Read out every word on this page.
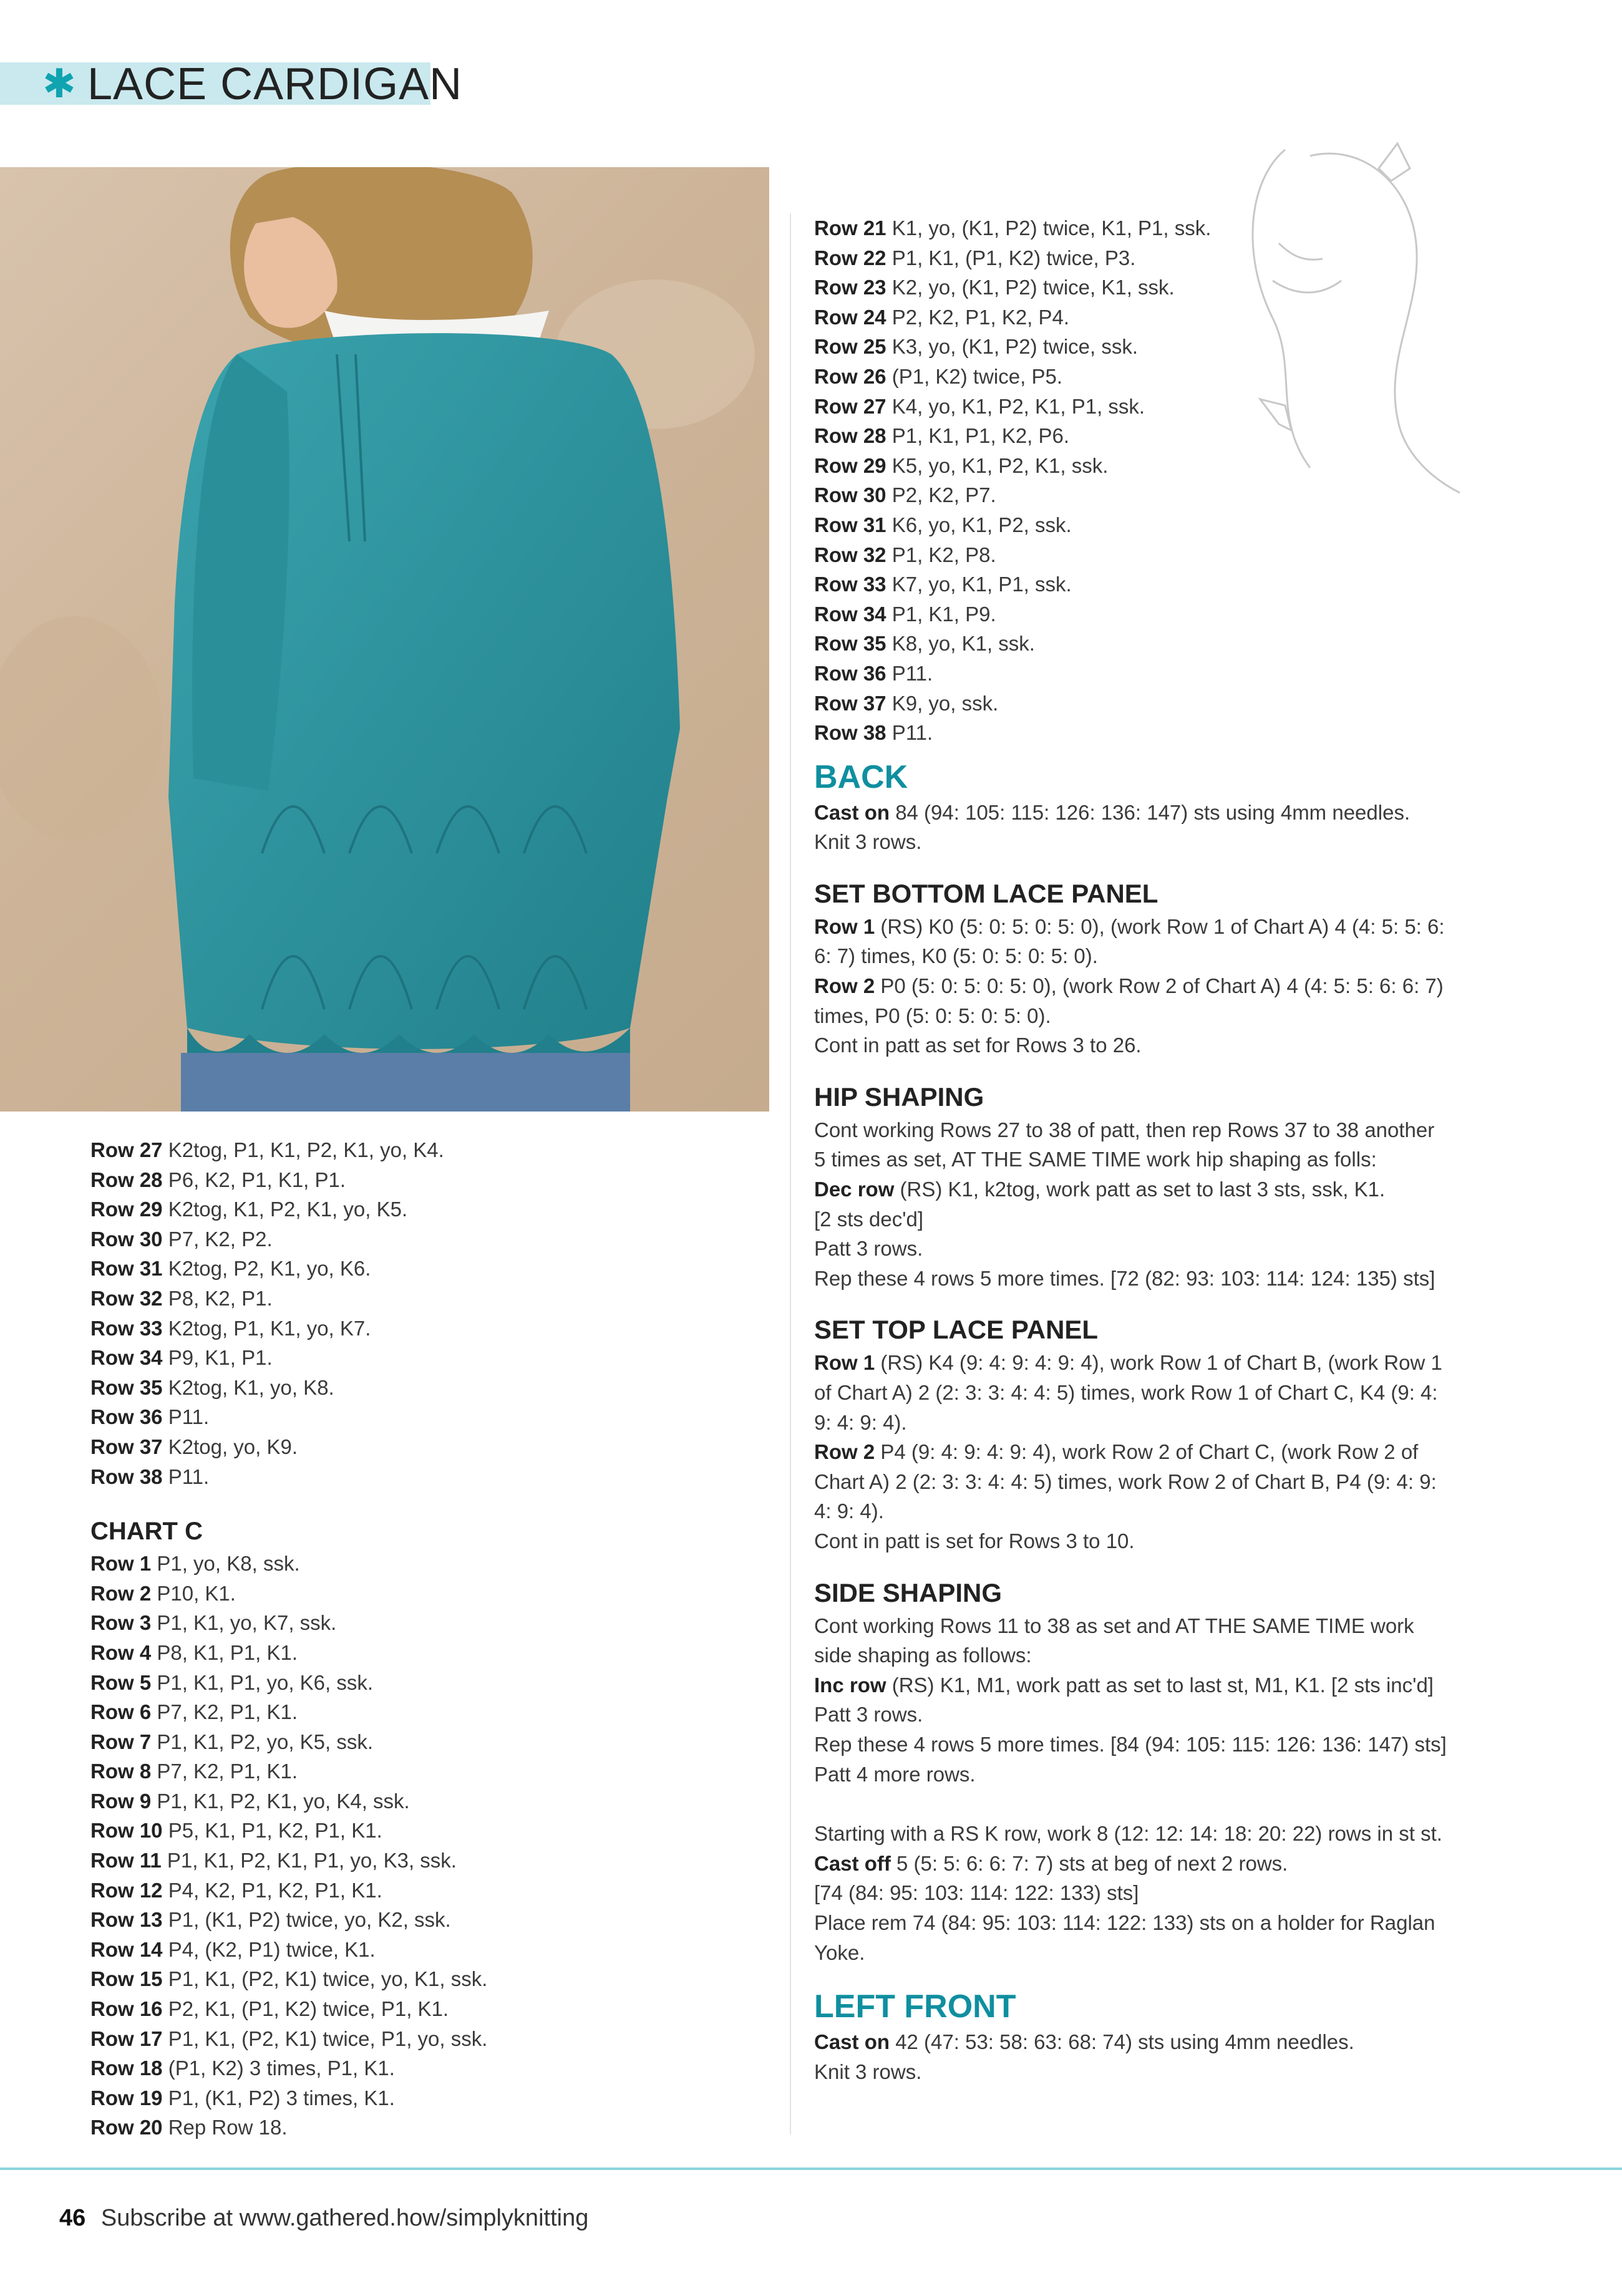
✱ LACE CARDIGAN
Row 27 K2tog, P1, K1, P2, K1, yo, K4.
Row 28 P6, K2, P1, K1, P1.
Row 29 K2tog, K1, P2, K1, yo, K5.
Row 30 P7, K2, P2.
Row 31 K2tog, P2, K1, yo, K6.
Row 32 P8, K2, P1.
Row 33 K2tog, P1, K1, yo, K7.
Row 34 P9, K1, P1.
Row 35 K2tog, K1, yo, K8.
Row 36 P11.
Row 37 K2tog, yo, K9.
Row 38 P11.
CHART C
Row 1 P1, yo, K8, ssk.
Row 2 P10, K1.
Row 3 P1, K1, yo, K7, ssk.
Row 4 P8, K1, P1, K1.
Row 5 P1, K1, P1, yo, K6, ssk.
Row 6 P7, K2, P1, K1.
Row 7 P1, K1, P2, yo, K5, ssk.
Row 8 P7, K2, P1, K1.
Row 9 P1, K1, P2, K1, yo, K4, ssk.
Row 10 P5, K1, P1, K2, P1, K1.
Row 11 P1, K1, P2, K1, P1, yo, K3, ssk.
Row 12 P4, K2, P1, K2, P1, K1.
Row 13 P1, (K1, P2) twice, yo, K2, ssk.
Row 14 P4, (K2, P1) twice, K1.
Row 15 P1, K1, (P2, K1) twice, yo, K1, ssk.
Row 16 P2, K1, (P1, K2) twice, P1, K1.
Row 17 P1, K1, (P2, K1) twice, P1, yo, ssk.
Row 18 (P1, K2) 3 times, P1, K1.
Row 19 P1, (K1, P2) 3 times, K1.
Row 20 Rep Row 18.
Row 21 K1, yo, (K1, P2) twice, K1, P1, ssk.
Row 22 P1, K1, (P1, K2) twice, P3.
Row 23 K2, yo, (K1, P2) twice, K1, ssk.
Row 24 P2, K2, P1, K2, P4.
Row 25 K3, yo, (K1, P2) twice, ssk.
Row 26 (P1, K2) twice, P5.
Row 27 K4, yo, K1, P2, K1, P1, ssk.
Row 28 P1, K1, P1, K2, P6.
Row 29 K5, yo, K1, P2, K1, ssk.
Row 30 P2, K2, P7.
Row 31 K6, yo, K1, P2, ssk.
Row 32 P1, K2, P8.
Row 33 K7, yo, K1, P1, ssk.
Row 34 P1, K1, P9.
Row 35 K8, yo, K1, ssk.
Row 36 P11.
Row 37 K9, yo, ssk.
Row 38 P11.
BACK
Cast on 84 (94: 105: 115: 126: 136: 147) sts using 4mm needles.
Knit 3 rows.
SET BOTTOM LACE PANEL
Row 1 (RS) K0 (5: 0: 5: 0: 5: 0), (work Row 1 of Chart A) 4 (4: 5: 5: 6:
6: 7) times, K0 (5: 0: 5: 0: 5: 0).
Row 2 P0 (5: 0: 5: 0: 5: 0), (work Row 2 of Chart A) 4 (4: 5: 5: 6: 6: 7)
times, P0 (5: 0: 5: 0: 5: 0).
Cont in patt as set for Rows 3 to 26.
HIP SHAPING
Cont working Rows 27 to 38 of patt, then rep Rows 37 to 38 another
5 times as set, AT THE SAME TIME work hip shaping as folls:
Dec row (RS) K1, k2tog, work patt as set to last 3 sts, ssk, K1.
[2 sts dec'd]
Patt 3 rows.
Rep these 4 rows 5 more times. [72 (82: 93: 103: 114: 124: 135) sts]
SET TOP LACE PANEL
Row 1 (RS) K4 (9: 4: 9: 4: 9: 4), work Row 1 of Chart B, (work Row 1
of Chart A) 2 (2: 3: 3: 4: 4: 5) times, work Row 1 of Chart C, K4 (9: 4:
9: 4: 9: 4).
Row 2 P4 (9: 4: 9: 4: 9: 4), work Row 2 of Chart C, (work Row 2 of
Chart A) 2 (2: 3: 3: 4: 4: 5) times, work Row 2 of Chart B, P4 (9: 4: 9:
4: 9: 4).
Cont in patt is set for Rows 3 to 10.
SIDE SHAPING
Cont working Rows 11 to 38 as set and AT THE SAME TIME work
side shaping as follows:
Inc row (RS) K1, M1, work patt as set to last st, M1, K1. [2 sts inc'd]
Patt 3 rows.
Rep these 4 rows 5 more times. [84 (94: 105: 115: 126: 136: 147) sts]
Patt 4 more rows.
Starting with a RS K row, work 8 (12: 12: 14: 18: 20: 22) rows in st st.
Cast off 5 (5: 5: 6: 6: 7: 7) sts at beg of next 2 rows.
[74 (84: 95: 103: 114: 122: 133) sts]
Place rem 74 (84: 95: 103: 114: 122: 133) sts on a holder for Raglan
Yoke.
LEFT FRONT
Cast on 42 (47: 53: 58: 63: 68: 74) sts using 4mm needles.
Knit 3 rows.
46 Subscribe at www.gathered.how/simplyknitting
